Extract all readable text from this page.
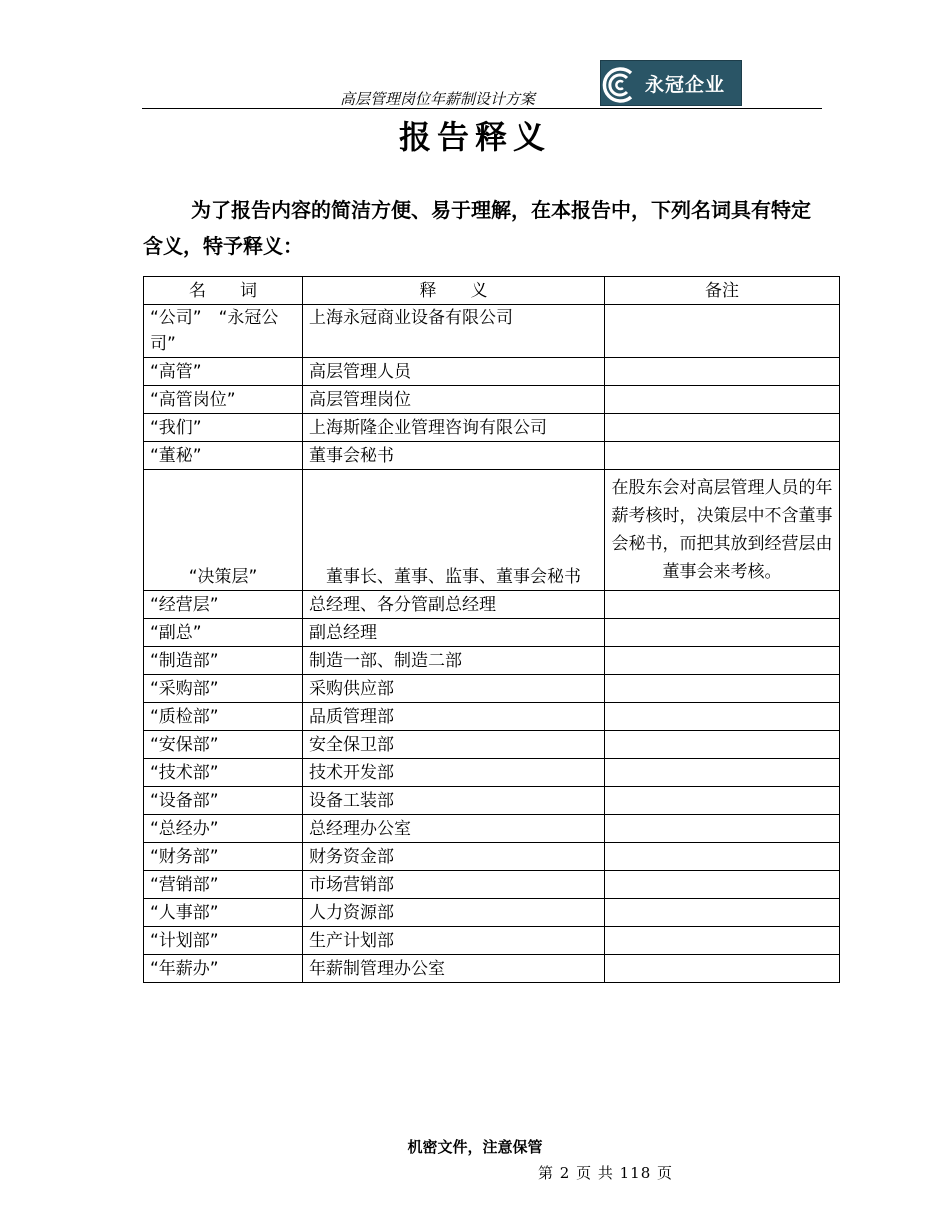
高层管理岗位年薪制设计方案
永冠企业
报告释义
为了报告内容的简洁方便、易于理解，在本报告中，下列名词具有特定含义，特予释义：
名　　词	释　　义	备注
“公司”　“永冠公司”	上海永冠商业设备有限公司	
“高管”	高层管理人员	
“高管岗位”	高层管理岗位	
“我们”	上海斯隆企业管理咨询有限公司	
“董秘”	董事会秘书	
“决策层”	董事长、董事、监事、董事会秘书	在股东会对高层管理人员的年薪考核时，决策层中不含董事会秘书，而把其放到经营层由董事会来考核。
“经营层”	总经理、各分管副总经理	
“副总”	副总经理	
“制造部”	制造一部、制造二部	
“采购部”	采购供应部	
“质检部”	品质管理部	
“安保部”	安全保卫部	
“技术部”	技术开发部	
“设备部”	设备工装部	
“总经办”	总经理办公室	
“财务部”	财务资金部	
“营销部”	市场营销部	
“人事部”	人力资源部	
“计划部”	生产计划部	
“年薪办”	年薪制管理办公室	
机密文件，注意保管
第 2 页 共 118 页
